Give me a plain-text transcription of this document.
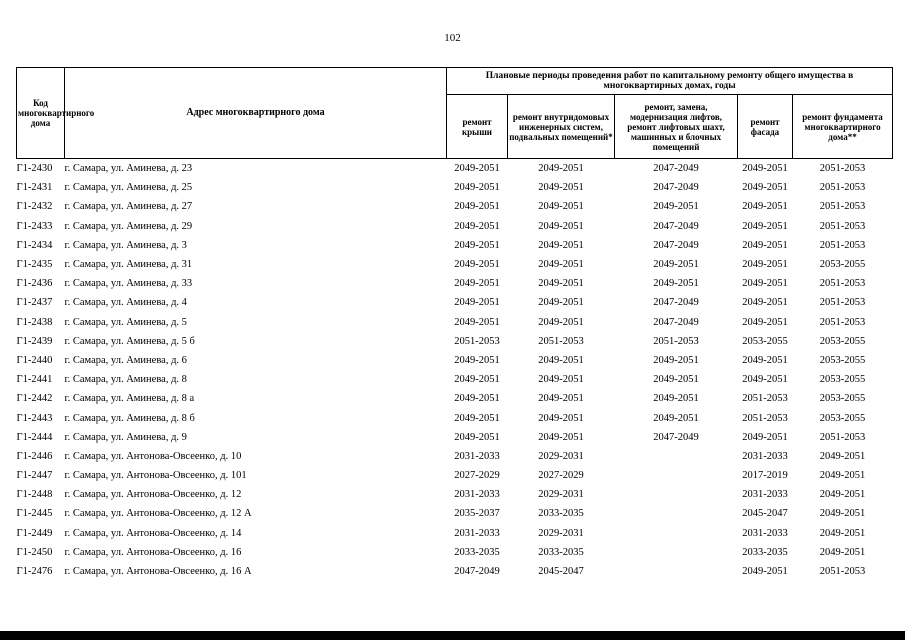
102
Код многоквартирного дома	Адрес многоквартирного дома	Плановые периоды проведения работ по капитальному ремонту общего имущества в многоквартирных домах, годы				
		ремонт крыши	ремонт внутридомовых инженерных систем, подвальных помещений*	ремонт, замена, модернизация лифтов, ремонт лифтовых шахт, машинных и блочных помещений	ремонт фасада	ремонт фундамента многоквартирного дома**
Г1-2430	г. Самара, ул. Аминева, д. 23	2049-2051	2049-2051	2047-2049	2049-2051	2051-2053
Г1-2431	г. Самара, ул. Аминева, д. 25	2049-2051	2049-2051	2047-2049	2049-2051	2051-2053
Г1-2432	г. Самара, ул. Аминева, д. 27	2049-2051	2049-2051	2049-2051	2049-2051	2051-2053
Г1-2433	г. Самара, ул. Аминева, д. 29	2049-2051	2049-2051	2047-2049	2049-2051	2051-2053
Г1-2434	г. Самара, ул. Аминева, д. 3	2049-2051	2049-2051	2047-2049	2049-2051	2051-2053
Г1-2435	г. Самара, ул. Аминева, д. 31	2049-2051	2049-2051	2049-2051	2049-2051	2053-2055
Г1-2436	г. Самара, ул. Аминева, д. 33	2049-2051	2049-2051	2049-2051	2049-2051	2051-2053
Г1-2437	г. Самара, ул. Аминева, д. 4	2049-2051	2049-2051	2047-2049	2049-2051	2051-2053
Г1-2438	г. Самара, ул. Аминева, д. 5	2049-2051	2049-2051	2047-2049	2049-2051	2051-2053
Г1-2439	г. Самара, ул. Аминева, д. 5 б	2051-2053	2051-2053	2051-2053	2053-2055	2053-2055
Г1-2440	г. Самара, ул. Аминева, д. 6	2049-2051	2049-2051	2049-2051	2049-2051	2053-2055
Г1-2441	г. Самара, ул. Аминева, д. 8	2049-2051	2049-2051	2049-2051	2049-2051	2053-2055
Г1-2442	г. Самара, ул. Аминева, д. 8 а	2049-2051	2049-2051	2049-2051	2051-2053	2053-2055
Г1-2443	г. Самара, ул. Аминева, д. 8 б	2049-2051	2049-2051	2049-2051	2051-2053	2053-2055
Г1-2444	г. Самара, ул. Аминева, д. 9	2049-2051	2049-2051	2047-2049	2049-2051	2051-2053
Г1-2446	г. Самара, ул. Антонова-Овсеенко, д. 10	2031-2033	2029-2031		2031-2033	2049-2051
Г1-2447	г. Самара, ул. Антонова-Овсеенко, д. 101	2027-2029	2027-2029		2017-2019	2049-2051
Г1-2448	г. Самара, ул. Антонова-Овсеенко, д. 12	2031-2033	2029-2031		2031-2033	2049-2051
Г1-2445	г. Самара, ул. Антонова-Овсеенко, д. 12 А	2035-2037	2033-2035		2045-2047	2049-2051
Г1-2449	г. Самара, ул. Антонова-Овсеенко, д. 14	2031-2033	2029-2031		2031-2033	2049-2051
Г1-2450	г. Самара, ул. Антонова-Овсеенко, д. 16	2033-2035	2033-2035		2033-2035	2049-2051
Г1-2476	г. Самара, ул. Антонова-Овсеенко, д. 16 А	2047-2049	2045-2047		2049-2051	2051-2053
